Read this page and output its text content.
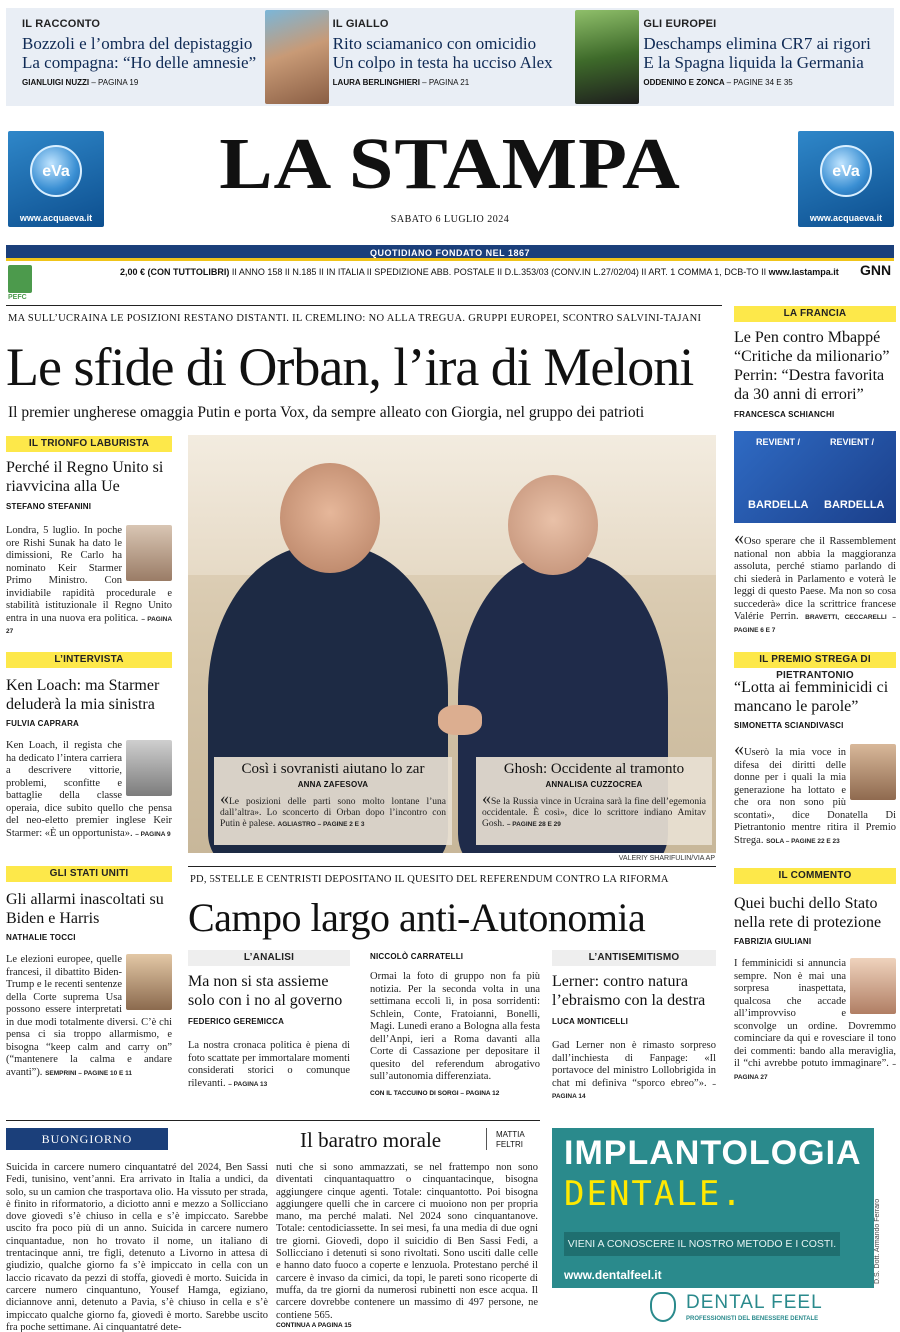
IL RACCONTO
Bozzoli e l’ombra del depistaggio
La compagna: “Ho delle amnesie”
GIANLUIGI NUZZI – PAGINA 19
IL GIALLO
Rito sciamanico con omicidio
Un colpo in testa ha ucciso Alex
LAURA BERLINGHIERI – PAGINA 21
GLI EUROPEI
Deschamps elimina CR7 ai rigori
E la Spagna liquida la Germania
ODDENINO E ZONCA – PAGINE 34 E 35
eVa
www.acquaeva.it
eVa
www.acquaeva.it
LA STAMPA
SABATO 6 LUGLIO 2024
QUOTIDIANO FONDATO NEL 1867
PEFC
2,00 € (CON TUTTOLIBRI) II ANNO 158 II N.185 II IN ITALIA II SPEDIZIONE ABB. POSTALE II D.L.353/03 (CONV.IN L.27/02/04) II ART. 1 COMMA 1, DCB-TO II www.lastampa.it GNN
MA SULL’UCRAINA LE POSIZIONI RESTANO DISTANTI. IL CREMLINO: NO ALLA TREGUA. GRUPPI EUROPEI, SCONTRO SALVINI-TAJANI
Le sfide di Orban, l’ira di Meloni
Il premier ungherese omaggia Putin e porta Vox, da sempre alleato con Giorgia, nel gruppo dei patrioti
IL TRIONFO LABURISTA
Perché il Regno Unito si riavvicina alla Ue
STEFANO STEFANINI
Londra, 5 luglio. In poche ore Rishi Sunak ha dato le dimissioni, Re Carlo ha nominato Keir Starmer Primo Ministro. Con invidiabile rapidità procedurale e stabilità istituzionale il Regno Unito entra in una nuova era politica. – PAGINA 27
L’INTERVISTA
Ken Loach: ma Starmer deluderà la mia sinistra
FULVIA CAPRARA
Ken Loach, il regista che ha dedicato l’intera carriera a descrivere vittorie, problemi, sconfitte e battaglie della classe operaia, dice subito quello che pensa del neo-eletto premier inglese Keir Starmer: «È un opportunista». – PAGINA 9
GLI STATI UNITI
Gli allarmi inascoltati su Biden e Harris
NATHALIE TOCCI
Le elezioni europee, quelle francesi, il dibattito Biden-Trump e le recenti sentenze della Corte suprema Usa possono essere interpretati in due modi totalmente diversi. C’è chi pensa ci sia troppo allarmismo, e bisogna “keep calm and carry on” (“mantenere la calma e andare avanti”). SEMPRINI – PAGINE 10 E 11
Così i sovranisti aiutano lo zar
ANNA ZAFESOVA
«Le posizioni delle parti sono molto lontane l’una dall’altra». Lo sconcerto di Orban dopo l’incontro con Putin è palese. AGLIASTRO – PAGINE 2 E 3
Ghosh: Occidente al tramonto
ANNALISA CUZZOCREA
«Se la Russia vince in Ucraina sarà la fine dell’egemonia occidentale. È così», dice lo scrittore indiano Amitav Gosh. – PAGINE 28 E 29
VALERIY SHARIFULIN/VIA AP
LA FRANCIA
Le Pen contro Mbappé “Critiche da milionario” Perrin: “Destra favorita da 30 anni di errori”
FRANCESCA SCHIANCHI
REVIENT /	REVIENT /
BARDELLA BARDELLA
«Oso sperare che il Rassemblement national non abbia la maggioranza assoluta, perché stiamo parlando di chi siederà in Parlamento e voterà le leggi di questo Paese. Ma non so cosa succederà» dice la scrittrice francese Valérie Perrin. BRAVETTI, CECCARELLI – PAGINE 6 E 7
IL PREMIO STREGA DI PIETRANTONIO
“Lotta ai femminicidi ci mancano le parole”
SIMONETTA SCIANDIVASCI
«Userò la mia voce in difesa dei diritti delle donne per i quali la mia generazione ha lottato e che ora non sono più scontati», dice Donatella Di Pietrantonio mentre ritira il Premio Strega. SOLA – PAGINE 22 E 23
IL COMMENTO
Quei buchi dello Stato nella rete di protezione
FABRIZIA GIULIANI
I femminicidi si annuncia sempre. Non è mai una sorpresa inaspettata, qualcosa che accade all’improvviso e sconvolge un ordine. Dovremmo cominciare da qui e rovesciare il tono dei commenti: bando alla meraviglia, il “chi avrebbe potuto immaginare”. – PAGINA 27
PD, 5STELLE E CENTRISTI DEPOSITANO IL QUESITO DEL REFERENDUM CONTRO LA RIFORMA
Campo largo anti-Autonomia
L’ANALISI
Ma non si sta assieme solo con i no al governo
FEDERICO GEREMICCA
La nostra cronaca politica è piena di foto scattate per immortalare momenti considerati storici o comunque rilevanti. – PAGINA 13
NICCOLÒ CARRATELLI
Ormai la foto di gruppo non fa più notizia. Per la seconda volta in una settimana eccoli lì, in posa sorridenti: Schlein, Conte, Fratoianni, Bonelli, Magi. Lunedì erano a Bologna alla festa dell’Anpi, ieri a Roma davanti alla Corte di Cassazione per depositare il quesito del referendum abrogativo sull’autonomia differenziata.
CON IL TACCUINO DI SORGI – PAGINA 12
L’ANTISEMITISMO
Lerner: contro natura l’ebraismo con la destra
LUCA MONTICELLI
Gad Lerner non è rimasto sorpreso dall’inchiesta di Fanpage: «Il portavoce del ministro Lollobrigida in chat mi definiva “sporco ebreo”». – PAGINA 14
BUONGIORNO	Il baratro morale	MATTIA
FELTRI
Suicida in carcere numero cinquantatré del 2024, Ben Sassi Fedi, tunisino, vent’anni. Era arrivato in Italia a undici, da solo, su un camion che trasportava olio. Ha vissuto per strada, è finito in riformatorio, a diciotto anni e mezzo a Sollicciano dove giovedì s’è chiuso in cella e s’è impiccato. Sarebbe uscito fra poco più di un anno. Suicida in carcere numero cinquantadue, non ho trovato il nome, un italiano di trentacinque anni, tre figli, detenuto a Livorno in attesa di giudizio, qualche giorno fa s’è impiccato in cella con un laccio ricavato da pezzi di stoffa, giovedì è morto. Suicida in carcere numero cinquantuno, Yousef Hamga, egiziano, diciannove anni, detenuto a Pavia, s’è chiuso in cella e s’è impiccato qualche giorno fa, giovedì è morto. Sarebbe uscito fra poche settimane. Ai cinquantatré dete-
nuti che si sono ammazzati, se nel frattempo non sono diventati cinquantaquattro o cinquantacinque, bisogna aggiungere cinque agenti. Totale: cinquantotto. Poi bisogna aggiungere quelli che in carcere ci muoiono non per propria mano, ma perché malati. Nel 2024 sono cinquantanove. Totale: centodiciassette. In sei mesi, fa una media di due ogni tre giorni. Giovedì, dopo il suicidio di Ben Sassi Fedi, a Sollicciano i detenuti si sono rivoltati. Sono usciti dalle celle e hanno dato fuoco a coperte e lenzuola. Protestano perché il carcere è invaso da cimici, da topi, le pareti sono ricoperte di muffa, da tre giorni da numerosi rubinetti non esce acqua. Il carcere dovrebbe contenere un massimo di 497 persone, ne contiene 565.
CONTINUA A PAGINA 15
IMPLANTOLOGIA
DENTALE.
VIENI A CONOSCERE IL NOSTRO METODO E I COSTI.
www.dentalfeel.it	D.S. Dott. Armando Ferraro
DENTAL FEEL
PROFESSIONISTI DEL BENESSERE DENTALE
